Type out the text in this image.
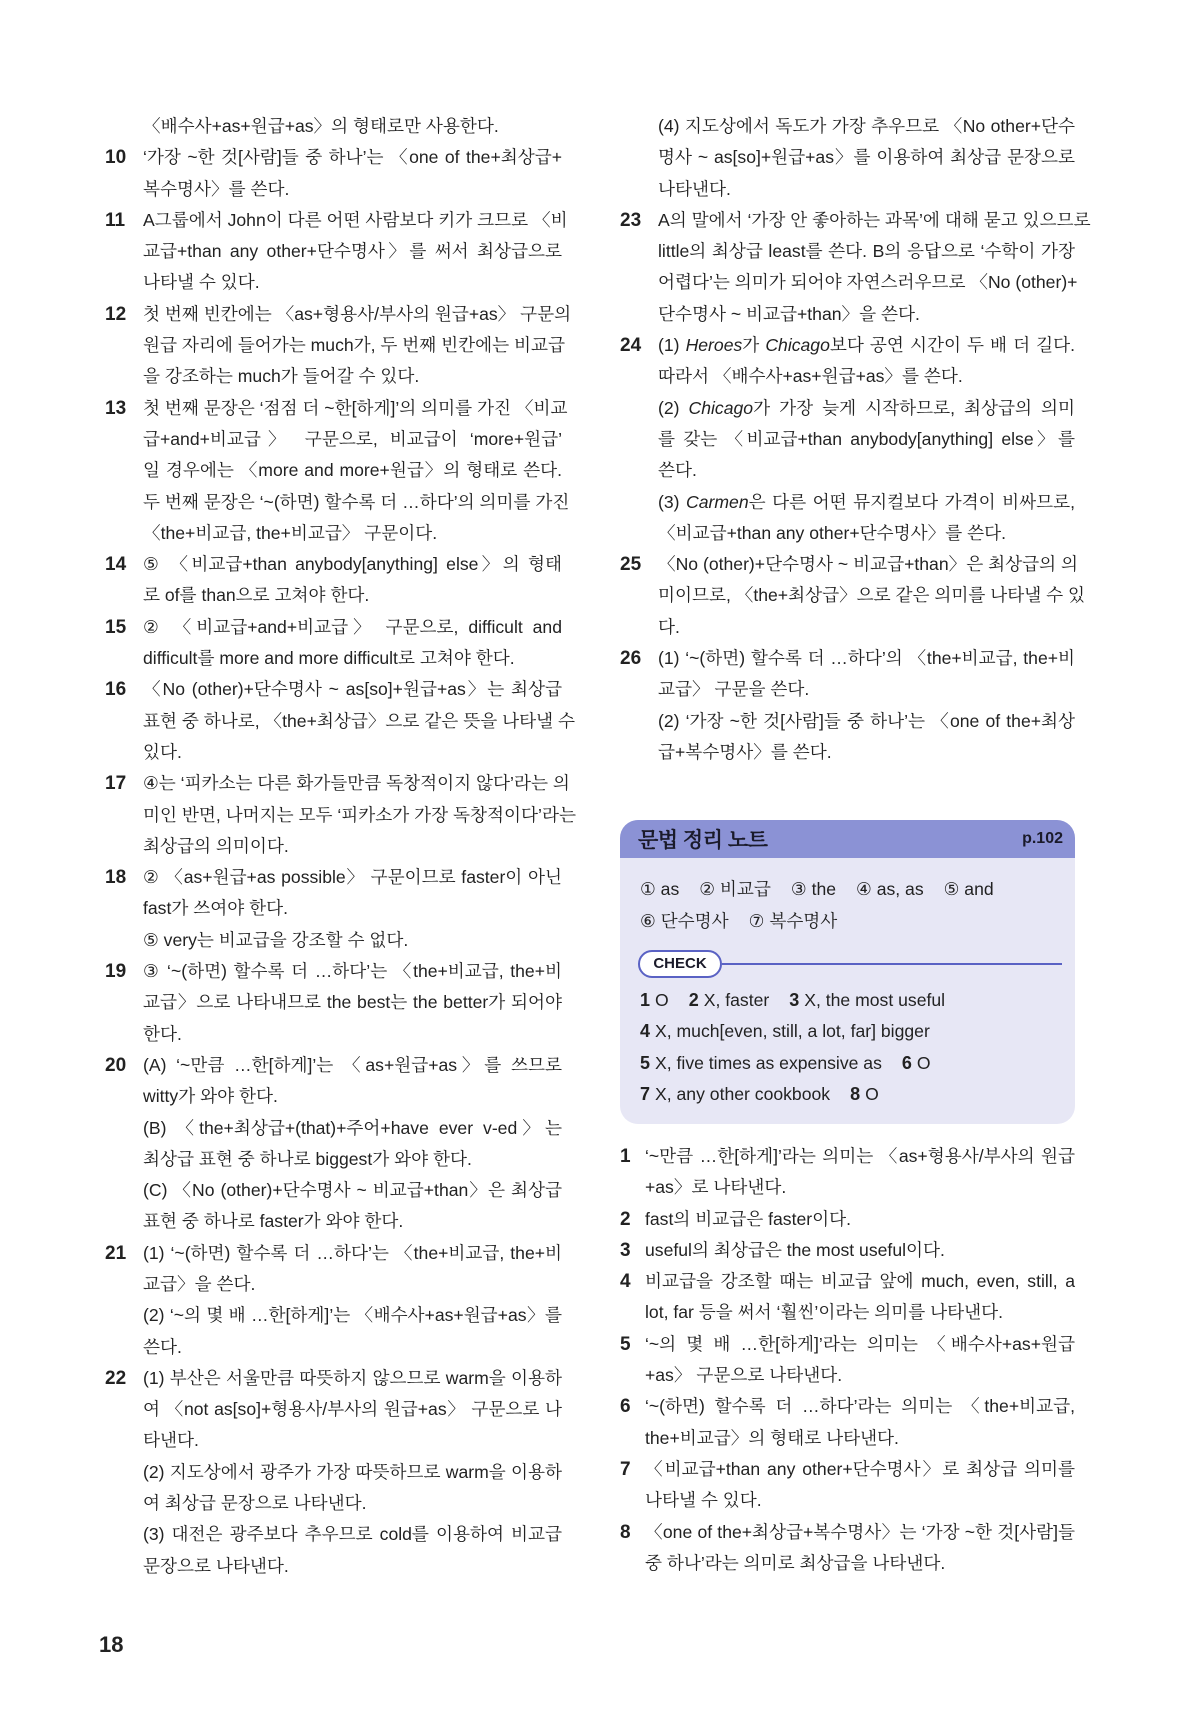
〈배수사+as+원급+as〉의 형태로만 사용한다.
10 ‘가장 ~한 것[사람]들 중 하나’는 〈one of the+최상급+
복수명사〉를 쓴다.
11	A그룹에서 John이 다른 어떤 사람보다 키가 크므로 〈비
교급+than any other+단수명사〉를 써서 최상급으로
나타낼 수 있다.
12 첫 번째 빈칸에는 〈as+형용사/부사의 원급+as〉 구문의
원급 자리에 들어가는 much가, 두 번째 빈칸에는 비교급
을 강조하는 much가 들어갈 수 있다.
13 첫 번째 문장은 ‘점점 더 ~한[하게]’의 의미를 가진 〈비교
급+and+비교급〉 구문으로, 비교급이 ‘more+원급’
일 경우에는 〈more and more+원급〉의 형태로 쓴다.
두 번째 문장은 ‘~(하면) 할수록 더 …하다’의 의미를 가진
〈the+비교급, the+비교급〉 구문이다.
14 ⑤ 〈비교급+than anybody[anything] else〉의 형태
로 of를 than으로 고쳐야 한다.
15 ② 〈비교급+and+비교급〉 구문으로, difficult and
difficult를 more and more difficult로 고쳐야 한다.
16 〈No (other)+단수명사 ~ as[so]+원급+as〉는 최상급
표현 중 하나로, 〈the+최상급〉으로 같은 뜻을 나타낼 수
있다.
17 ④는 ‘피카소는 다른 화가들만큼 독창적이지 않다’라는 의
미인 반면, 나머지는 모두 ‘피카소가 가장 독창적이다’라는
최상급의 의미이다.
18 ② 〈as+원급+as possible〉 구문이므로 faster이 아닌
fast가 쓰여야 한다.
⑤ very는 비교급을 강조할 수 없다.
19 ③ ‘~(하면) 할수록 더 …하다’는 〈the+비교급, the+비
교급〉으로 나타내므로 the best는 the better가 되어야
한다.
20 (A) ‘~만큼 …한[하게]’는 〈as+원급+as〉를 쓰므로
witty가 와야 한다.
(B) 〈the+최상급+(that)+주어+have ever v-ed〉는
최상급 표현 중 하나로 biggest가 와야 한다.
(C) 〈No (other)+단수명사 ~ 비교급+than〉은 최상급
표현 중 하나로 faster가 와야 한다.
21 (1) ‘~(하면) 할수록 더 …하다’는 〈the+비교급, the+비
교급〉을 쓴다.
(2) ‘~의 몇 배 …한[하게]’는 〈배수사+as+원급+as〉를
쓴다.
22 (1) 부산은 서울만큼 따뜻하지 않으므로 warm을 이용하
여 〈not as[so]+형용사/부사의 원급+as〉 구문으로 나
타낸다.
(2) 지도상에서 광주가 가장 따뜻하므로 warm을 이용하
여 최상급 문장으로 나타낸다.
(3) 대전은 광주보다 추우므로 cold를 이용하여 비교급
문장으로 나타낸다.
(4) 지도상에서 독도가 가장 추우므로 〈No other+단수
명사 ~ as[so]+원급+as〉를 이용하여 최상급 문장으로
나타낸다.
23 A의 말에서 ‘가장 안 좋아하는 과목’에 대해 묻고 있으므로
little의 최상급 least를 쓴다. B의 응답으로 ‘수학이 가장
어렵다’는 의미가 되어야 자연스러우므로 〈No (other)+
단수명사 ~ 비교급+than〉을 쓴다.
24 (1) Heroes가 Chicago보다 공연 시간이 두 배 더 길다.
따라서 〈배수사+as+원급+as〉를 쓴다.
(2) Chicago가 가장 늦게 시작하므로, 최상급의 의미
를 갖는 〈비교급+than anybody[anything] else〉를
쓴다.
(3) Carmen은 다른 어떤 뮤지컬보다 가격이 비싸므로,
〈비교급+than any other+단수명사〉를 쓴다.
25 〈No (other)+단수명사 ~ 비교급+than〉은 최상급의 의
미이므로, 〈the+최상급〉으로 같은 의미를 나타낼 수 있
다.
26 (1) ‘~(하면) 할수록 더 …하다’의 〈the+비교급, the+비
교급〉 구문을 쓴다.
(2) ‘가장 ~한 것[사람]들 중 하나’는 〈one of the+최상
급+복수명사〉를 쓴다.
문법 정리 노트	p.102
① as ② 비교급 ③ the ④ as, as ⑤ and
⑥ 단수명사 ⑦ 복수명사
CHECK
1 O 2 X, faster 3 X, the most useful
4 X, much[even, still, a lot, far] bigger
5 X, five times as expensive as 6 O
7 X, any other cookbook 8 O
1 ‘~만큼 …한[하게]’라는 의미는 〈as+형용사/부사의 원급
+as〉로 나타낸다.
2 fast의 비교급은 faster이다.
3 useful의 최상급은 the most useful이다.
4 비교급을 강조할 때는 비교급 앞에 much, even, still, a
lot, far 등을 써서 ‘훨씬’이라는 의미를 나타낸다.
5 ‘~의 몇 배 …한[하게]’라는 의미는 〈배수사+as+원급
+as〉 구문으로 나타낸다.
6 ‘~(하면) 할수록 더 …하다’라는 의미는 〈the+비교급,
the+비교급〉의 형태로 나타낸다.
7 〈비교급+than any other+단수명사〉로 최상급 의미를
나타낼 수 있다.
8 〈one of the+최상급+복수명사〉는 ‘가장 ~한 것[사람]들
중 하나’라는 의미로 최상급을 나타낸다.
18
